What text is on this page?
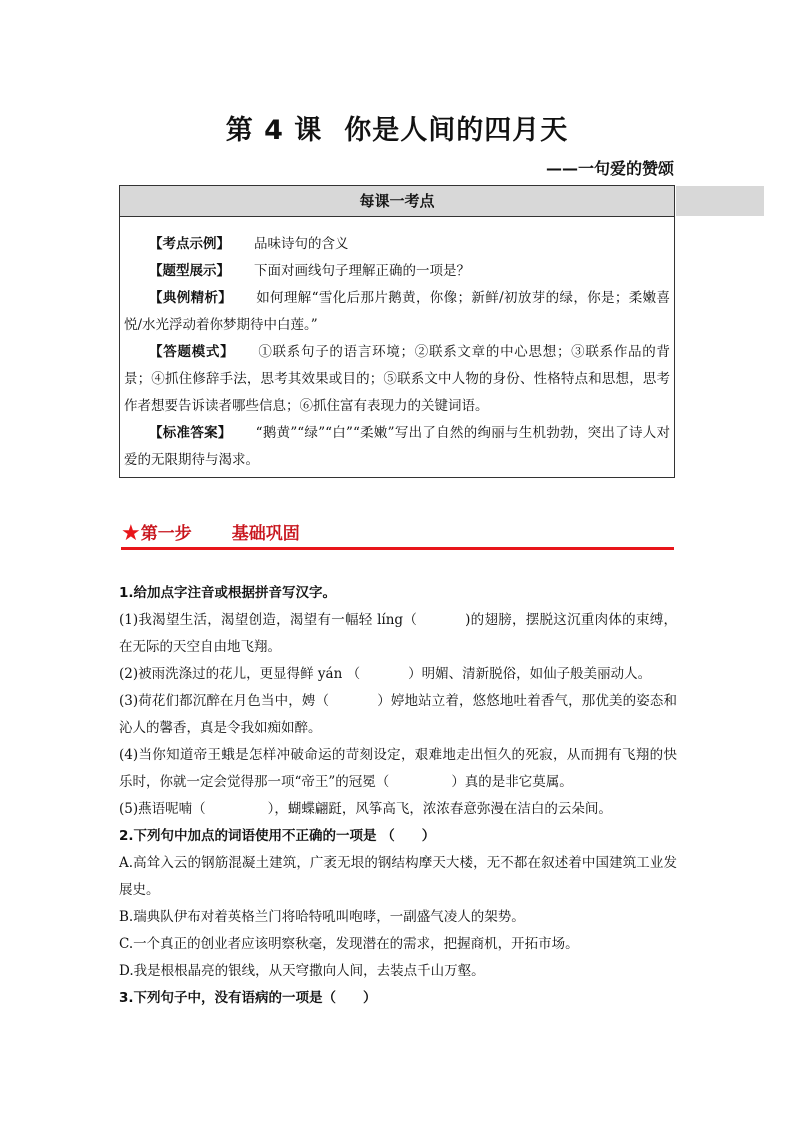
第 4 课 你是人间的四月天
——一句爱的赞颂
每课一考点

【考点示例】 品味诗句的含义

【题型展示】 下面对画线句子理解正确的一项是？

【典例精析】 如何理解“雪化后那片鹅黄，你像；新鲜/初放芽的绿，你是；柔嫩喜悦/水光浮动着你梦期待中白莲。”

【答题模式】 ①联系句子的语言环境；②联系文章的中心思想；③联系作品的背景；④抓住修辞手法，思考其效果或目的；⑤联系文中人物的身份、性格特点和思想，思考作者想要告诉读者哪些信息；⑥抓住富有表现力的关键词语。

【标准答案】 “鹅黄”“绿”“白”“柔嫩”写出了自然的绚丽与生机勃勃，突出了诗人对爱的无限期待与渴求。

★第一步 基础巩固

1.给加点字注音或根据拼音写汉字。

(1)我渴望生活，渴望创造，渴望有一幅轻 líng（	)的翅膀，摆脱这沉重肉体的束缚，在无际的天空自由地飞翔。

(2)被雨洗涤过的花儿，更显得鲜 yán （	）明媚、清新脱俗，如仙子般美丽动人。

(3)荷花们都沉醉在月色当中，娉（	）婷地站立着，悠悠地吐着香气，那优美的姿态和沁人的馨香，真是令我如痴如醉。

(4)当你知道帝王蛾是怎样冲破命运的苛刻设定，艰难地走出恒久的死寂，从而拥有飞翔的快乐时，你就一定会觉得那一项“帝王”的冠冕（	）真的是非它莫属。

(5)燕语呢喃（	），蝴蝶翩跹，风筝高飞，浓浓春意弥漫在洁白的云朵间。

2.下列句中加点的词语使用不正确的一项是 （　　）

A.高耸入云的钢筋混凝土建筑，广袤无垠的钢结构摩天大楼，无不都在叙述着中国建筑工业发展史。

B.瑞典队伊布对着英格兰门将哈特吼叫咆哮，一副盛气凌人的架势。

C.一个真正的创业者应该明察秋毫，发现潜在的需求，把握商机，开拓市场。

D.我是根根晶亮的银线，从天穹撒向人间，去装点千山万壑。

3.下列句子中，没有语病的一项是（　　）
